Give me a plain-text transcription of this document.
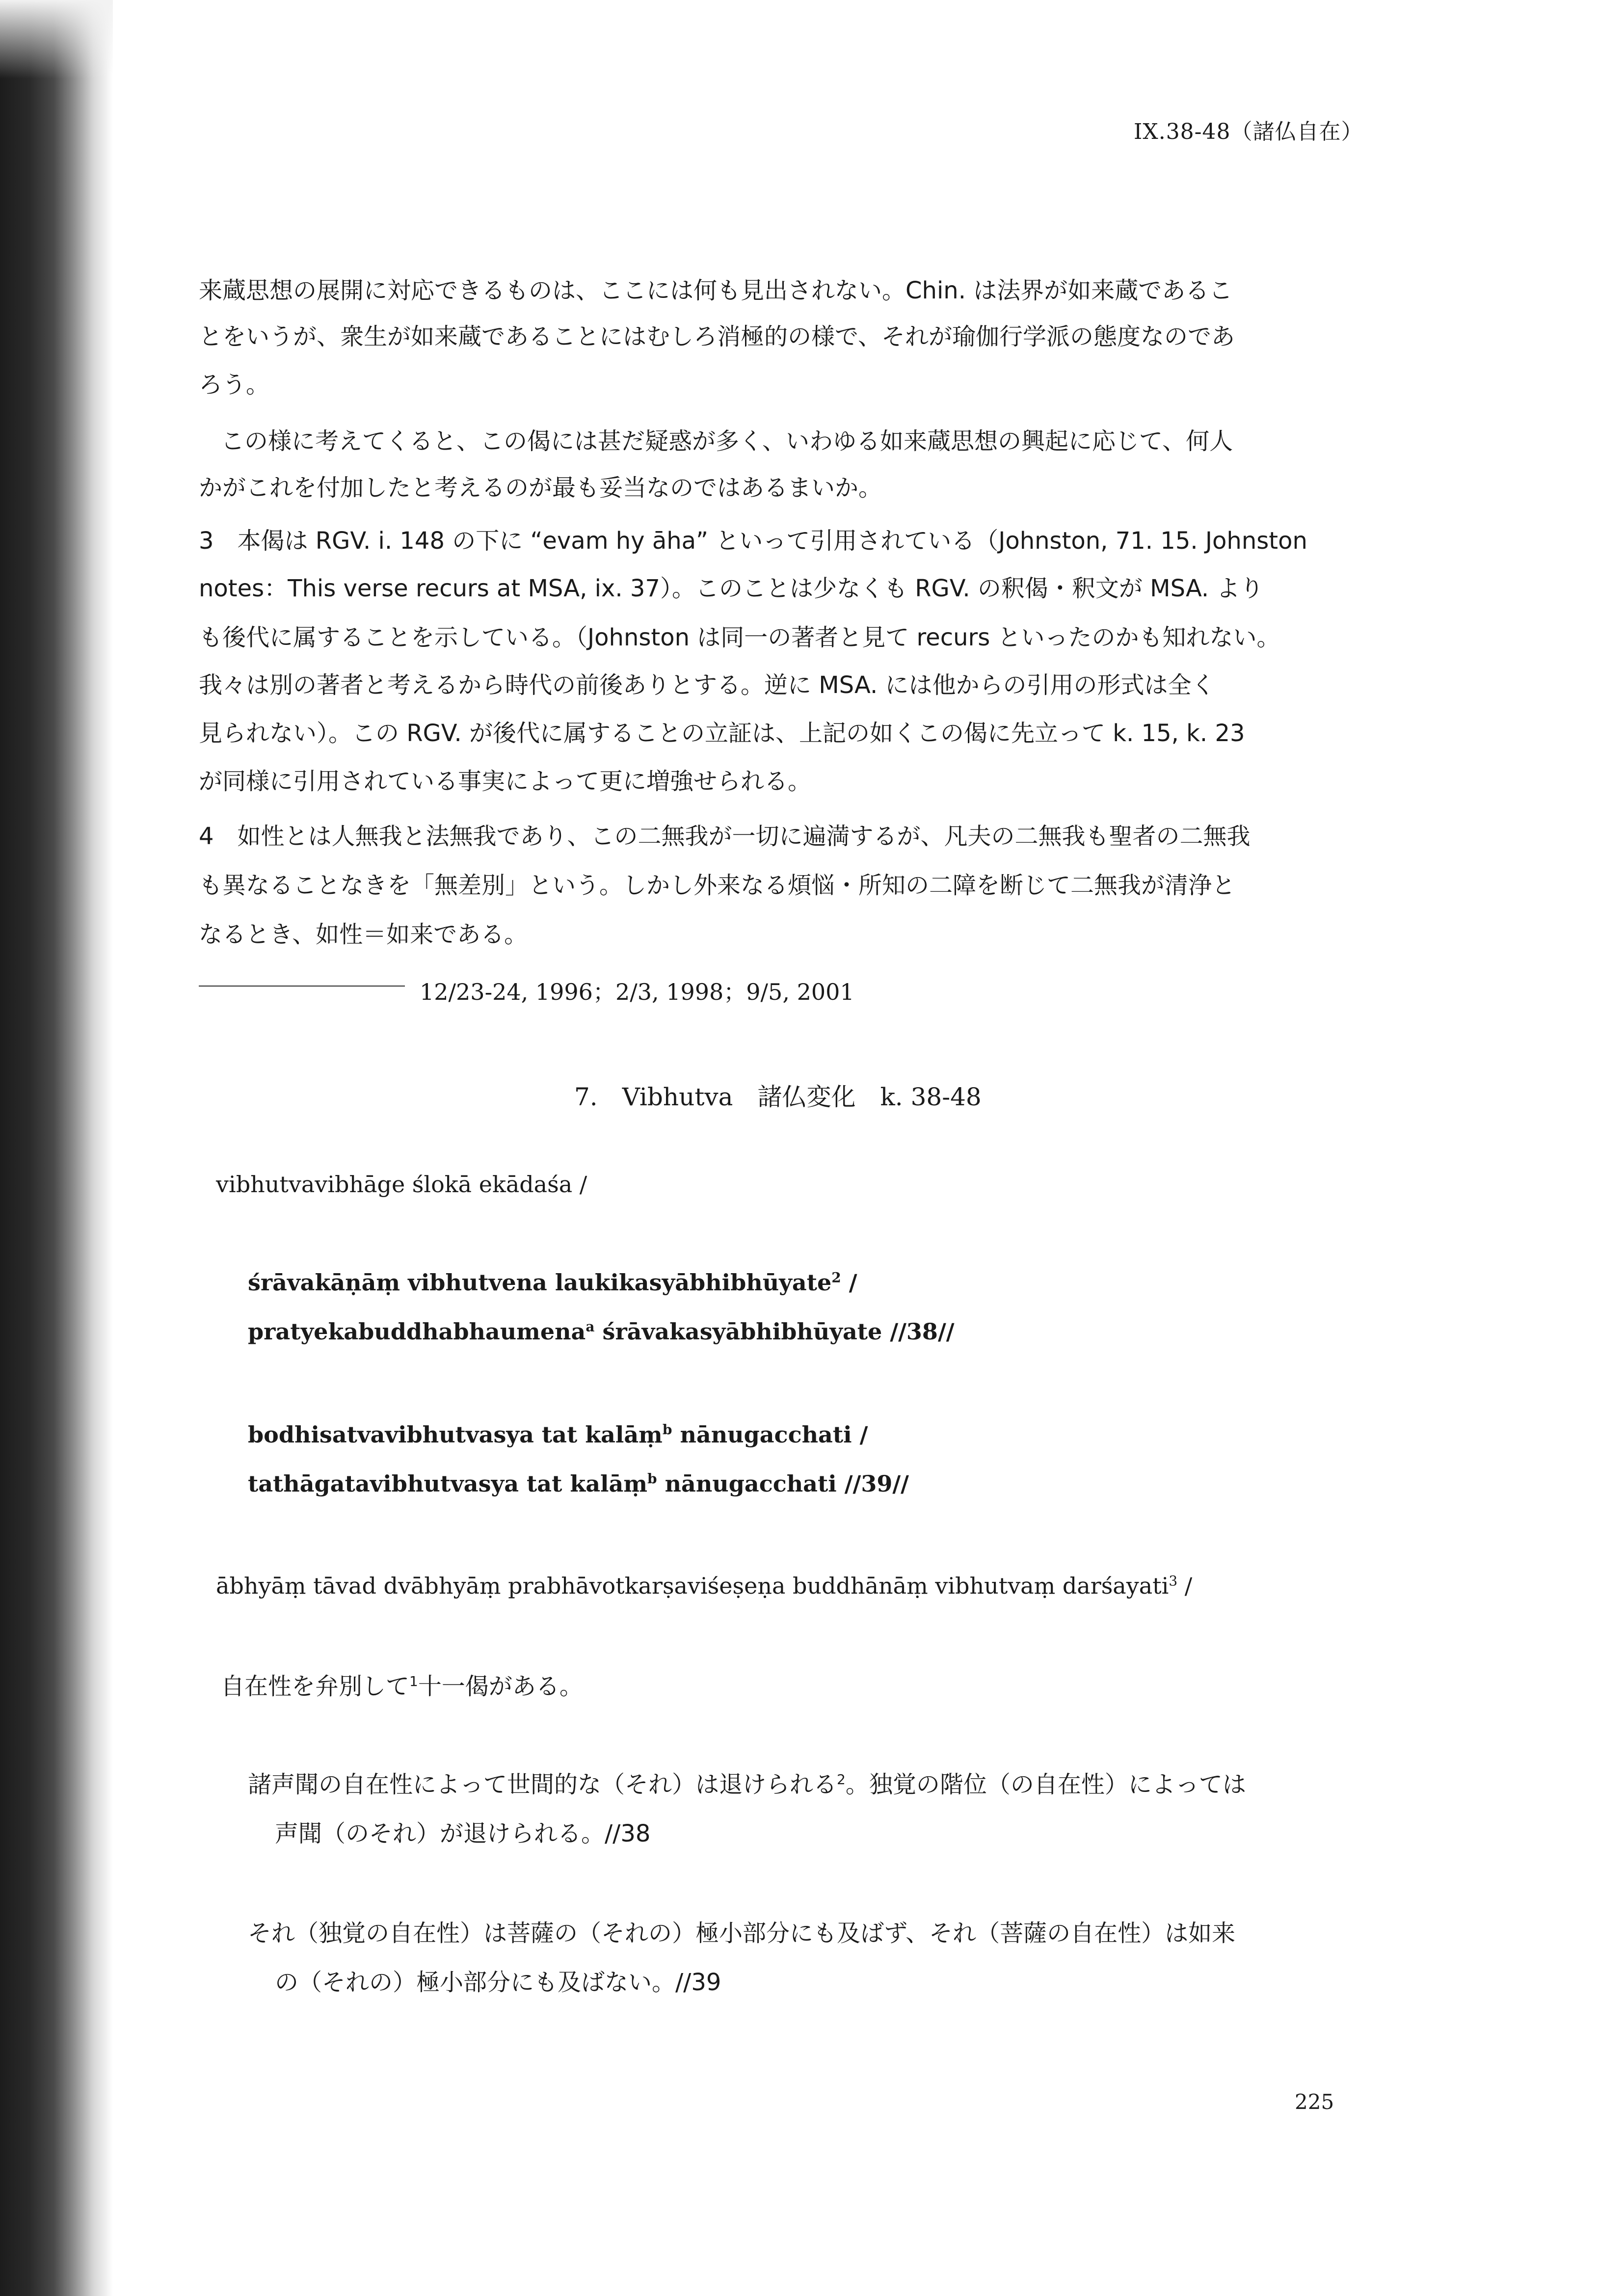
IX.38-48（諸仏自在）
来蔵思想の展開に対応できるものは、ここには何も見出されない。Chin. は法界が如来蔵であるこ
とをいうが、衆生が如来蔵であることにはむしろ消極的の様で、それが瑜伽行学派の態度なのであ
ろう。
この様に考えてくると、この偈には甚だ疑惑が多く、いわゆる如来蔵思想の興起に応じて、何人
かがこれを付加したと考えるのが最も妥当なのではあるまいか。
3　本偈は RGV. i. 148 の下に “evam hy āha” といって引用されている（Johnston, 71. 15. Johnston
notes：This verse recurs at MSA, ix. 37）。このことは少なくも RGV. の釈偈・釈文が MSA. より
も後代に属することを示している。（Johnston は同一の著者と見て recurs といったのかも知れない。
我々は別の著者と考えるから時代の前後ありとする。逆に MSA. には他からの引用の形式は全く
見られない）。この RGV. が後代に属することの立証は、上記の如くこの偈に先立って k. 15, k. 23
が同様に引用されている事実によって更に増強せられる。
4　如性とは人無我と法無我であり、この二無我が一切に遍満するが、凡夫の二無我も聖者の二無我
も異なることなきを「無差別」という。しかし外来なる煩悩・所知の二障を断じて二無我が清浄と
なるとき、如性＝如来である。
12/23-24, 1996；2/3, 1998；9/5, 2001
7.　Vibhutva　諸仏変化　k. 38-48
vibhutvavibhāge ślokā ekādaśa /
śrāvakāṇāṃ vibhutvena laukikasyābhibhūyate$^2$ /
pratyekabuddhabhaumena$^a$ śrāvakasyābhibhūyate //38//
bodhisatvavibhutvasya tat kalāṃ$^b$ nānugacchati /
tathāgatavibhutvasya tat kalāṃ$^b$ nānugacchati //39//
ābhyāṃ tāvad dvābhyāṃ prabhāvotkarṣaviśeṣeṇa buddhānāṃ vibhutvaṃ darśayati$^3$ /
自在性を弁別して$^1$十一偈がある。
諸声聞の自在性によって世間的な（それ）は退けられる$^2$。独覚の階位（の自在性）によっては
声聞（のそれ）が退けられる。//38
それ（独覚の自在性）は菩薩の（それの）極小部分にも及ばず、それ（菩薩の自在性）は如来
の（それの）極小部分にも及ばない。//39
225
